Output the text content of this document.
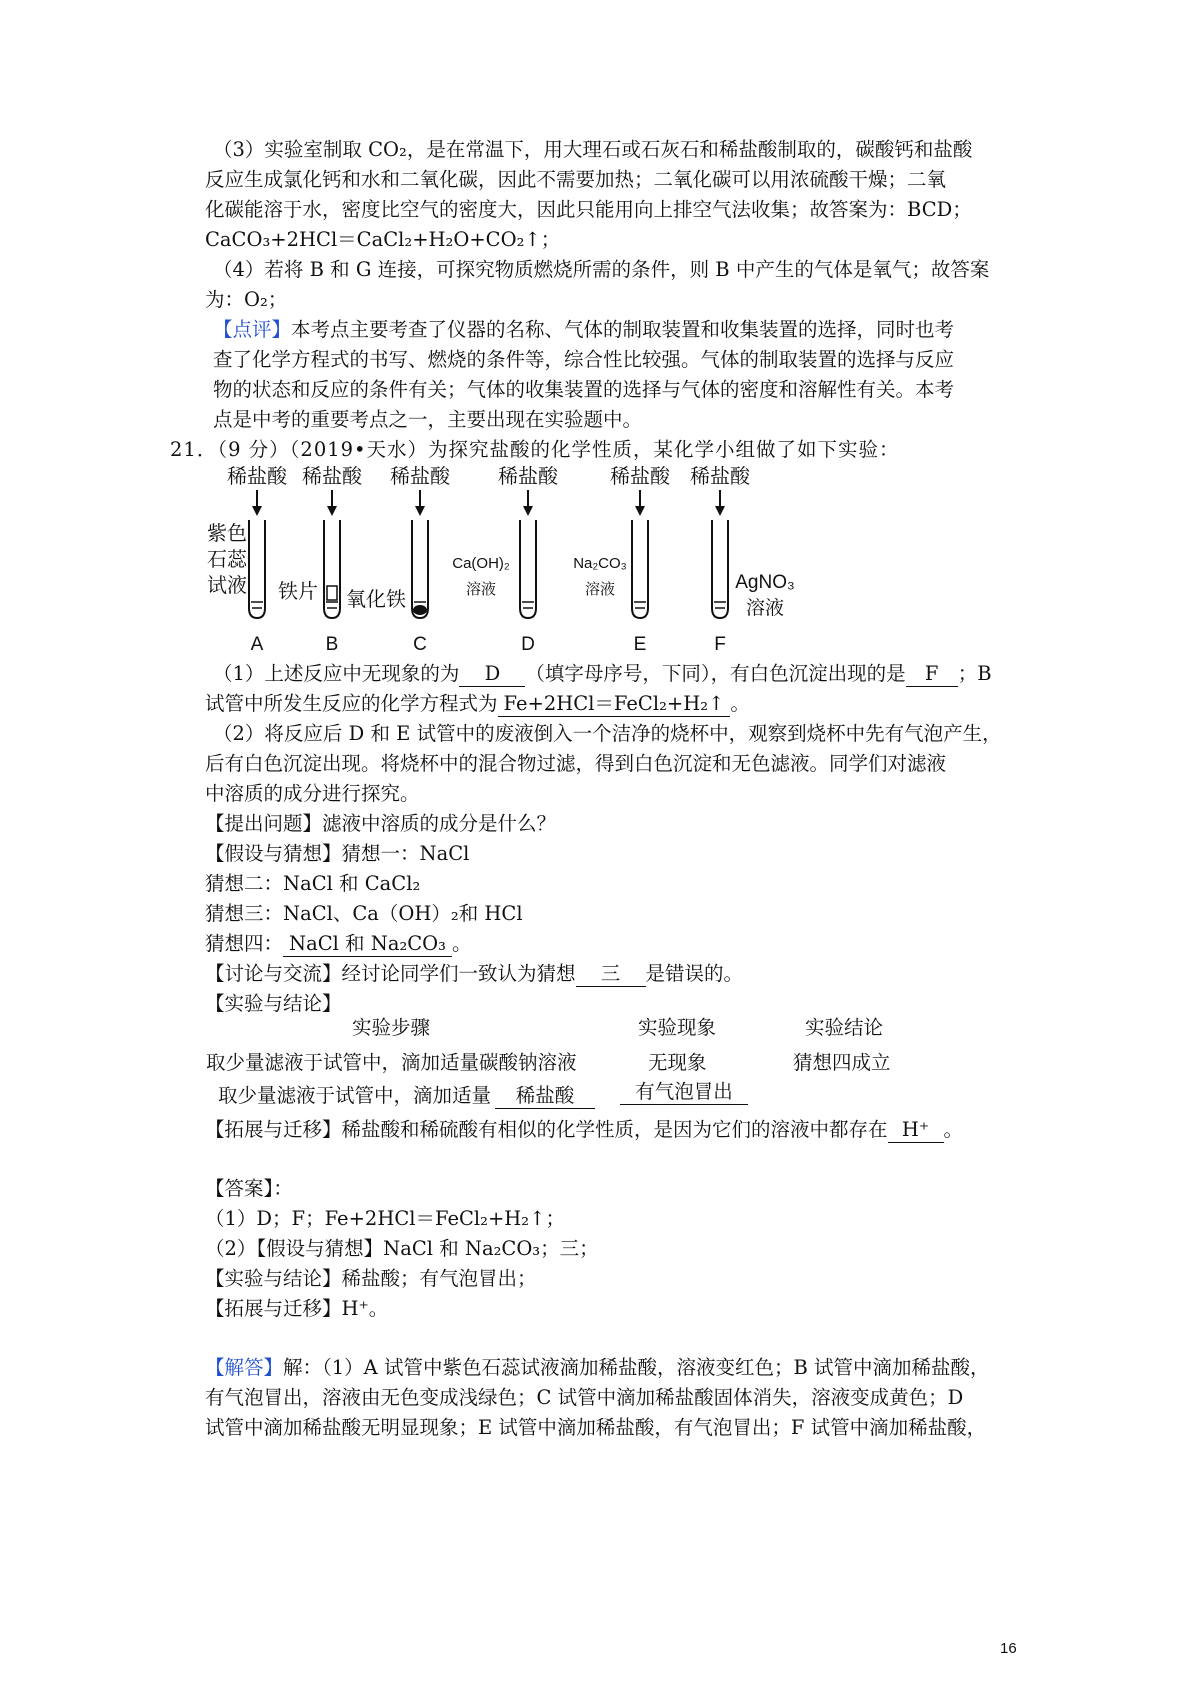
（3）实验室制取 CO₂，是在常温下，用大理石或石灰石和稀盐酸制取的，碳酸钙和盐酸
反应生成氯化钙和水和二氧化碳，因此不需要加热；二氧化碳可以用浓硫酸干燥；二氧
化碳能溶于水，密度比空气的密度大，因此只能用向上排空气法收集；故答案为：BCD；
CaCO₃+2HCl＝CaCl₂+H₂O+CO₂↑；
（4）若将 B 和 G 连接，可探究物质燃烧所需的条件，则 B 中产生的气体是氧气；故答案
为：O₂；
【点评】本考点主要考查了仪器的名称、气体的制取装置和收集装置的选择，同时也考
查了化学方程式的书写、燃烧的条件等，综合性比较强。气体的制取装置的选择与反应
物的状态和反应的条件有关；气体的收集装置的选择与气体的密度和溶解性有关。本考
点是中考的重要考点之一，主要出现在实验题中。
21．（9 分）（2019•天水）为探究盐酸的化学性质，某化学小组做了如下实验：
稀盐酸
A
稀盐酸
B
稀盐酸
C
稀盐酸
D
稀盐酸
E
稀盐酸
F
紫色
石蕊
试液 铁片 氧化铁
Ca(OH)₂
溶液
Na₂CO₃
溶液	AgNO₃
溶液
（1）上述反应中无现象的为 D （填字母序号，下同），有白色沉淀出现的是 F ；B
试管中所发生反应的化学方程式为 Fe+2HCl＝FeCl₂+H₂↑ 。
（2）将反应后 D 和 E 试管中的废液倒入一个洁净的烧杯中，观察到烧杯中先有气泡产生，
后有白色沉淀出现。将烧杯中的混合物过滤，得到白色沉淀和无色滤液。同学们对滤液
中溶质的成分进行探究。
【提出问题】滤液中溶质的成分是什么？
【假设与猜想】猜想一：NaCl
猜想二：NaCl 和 CaCl₂
猜想三：NaCl、Ca（OH）₂和 HCl
猜想四： NaCl 和 Na₂CO₃ 。
【讨论与交流】经讨论同学们一致认为猜想 三 是错误的。
【实验与结论】
实验步骤	实验现象	实验结论
取少量滤液于试管中，滴加适量碳酸钠溶液	无现象	猜想四成立
取少量滤液于试管中，滴加适量 稀盐酸	有气泡冒出
【拓展与迁移】稀盐酸和稀硫酸有相似的化学性质，是因为它们的溶液中都存在 H⁺ 。
【答案】：
（1）D；F；Fe+2HCl＝FeCl₂+H₂↑；
（2）【假设与猜想】NaCl 和 Na₂CO₃；三；
【实验与结论】稀盐酸；有气泡冒出；
【拓展与迁移】H⁺。
【解答】解：（1）A 试管中紫色石蕊试液滴加稀盐酸，溶液变红色；B 试管中滴加稀盐酸，
有气泡冒出，溶液由无色变成浅绿色；C 试管中滴加稀盐酸固体消失，溶液变成黄色；D
试管中滴加稀盐酸无明显现象；E 试管中滴加稀盐酸，有气泡冒出；F 试管中滴加稀盐酸，
16
